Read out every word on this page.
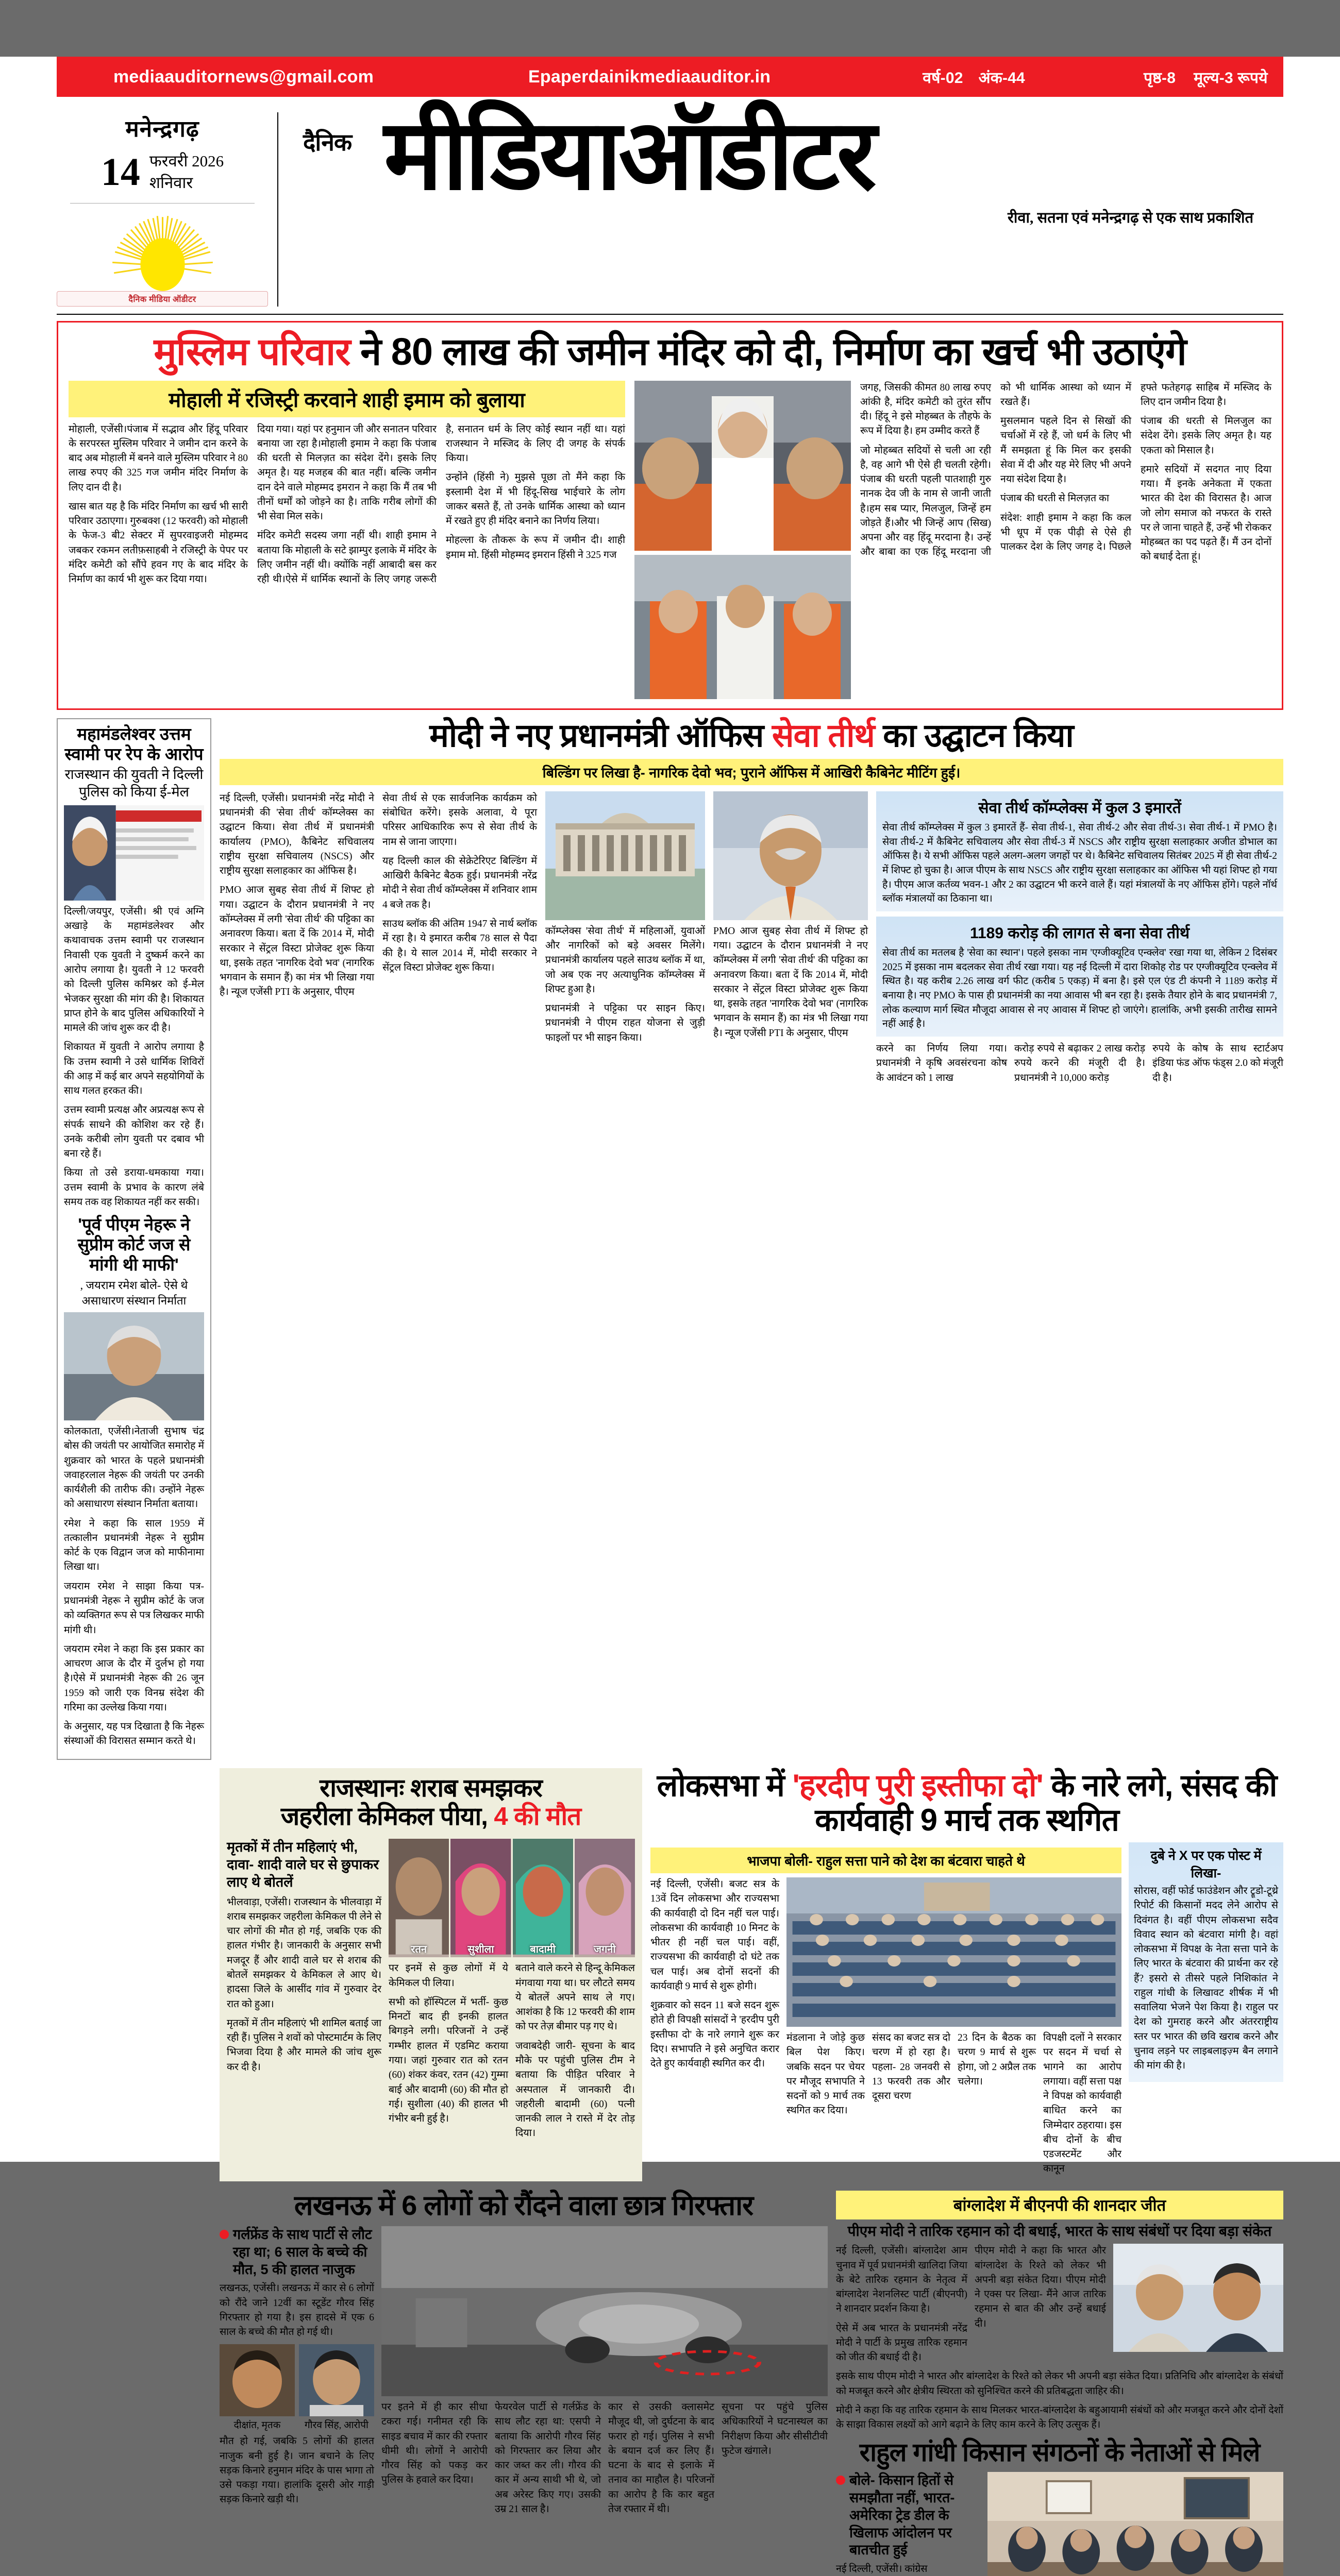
mediaauditornews@gmail.com	Epaperdainikmediaauditor.in	वर्ष-02 अंक-44	पृष्ठ-8 मूल्य-3 रूपये
मनेन्द्रगढ़
14 फरवरी 2026
शनिवार
दैनिक मीडिया ऑडीटर
दैनिक मीडियाऑडीटर
रीवा, सतना एवं मनेन्द्रगढ़ से एक साथ प्रकाशित
मुस्लिम परिवार ने 80 लाख की जमीन मंदिर को दी, निर्माण का खर्च भी उठाएंगे
मोहाली में रजिस्ट्री करवाने शाही इमाम को बुलाया

मोहाली, एजेंसी।पंजाब में सद्भाव और हिंदू परिवार के सरपरस्त मुस्लिम परिवार ने जमीन दान करने के बाद अब मोहाली में बनने वाले मुस्लिम परिवार ने 80 लाख रुपए की 325 गज जमीन मंदिर निर्माण के लिए दान दी है।

खास बात यह है कि मंदिर निर्माण का खर्च भी सारी परिवार उठाएगा। गुरुबक्श (12 फरवरी) को मोहाली के फेज-3 बी2 सेक्टर में सुपरवाइजरी मोहम्मद जबकर रकमन लतीफ़साहबी ने रजिस्ट्री के पेपर पर मंदिर कमेटी को सौंपे हवन गए के बाद मंदिर के निर्माण का कार्य भी शुरू कर दिया गया।

दिया गया। यहां पर हनुमान जी और सनातन परिवार बनाया जा रहा है।मोहाली इमाम ने कहा कि पंजाब की धरती से मिलज़त का संदेश देंगे। इसके लिए अमृत है। यह मजहब की बात नहीं। बल्कि जमीन दान देने वाले मोहम्मद इमरान ने कहा कि मैं तब भी तीनों धर्मों को जोड़ने का है। ताकि गरीब लोगों की भी सेवा मिल सके।

मंदिर कमेटी सदस्य जगा नहीं थी। शाही इमाम ने बताया कि मोहाली के सटे झाम्पुर इलाके में मंदिर के लिए जमीन नहीं थी। क्योंकि नहीं आबादी बस कर रही थी।ऐसे में धार्मिक स्थानों के लिए जगह जरूरी है, सनातन धर्म के लिए कोई स्थान नहीं था। यहां राजस्थान ने मस्जिद के लिए दी जगह के संपर्क किया।

उन्होंने (हिंसी ने) मुझसे पूछा तो मैंने कहा कि इस्लामी देश में भी हिंदू-सिख भाईचारे के लोग जाकर बसते हैं, तो उनके धार्मिक आस्था को ध्यान में रखते हुए ही मंदिर बनाने का निर्णय लिया।

मोहल्ला के तौकरू के रूप में जमीन दी। शाही इमाम मो. हिंसी मोहम्मद इमरान हिंसी ने 325 गज

जगह, जिसकी कीमत 80 लाख रुपए आंकी है, मंदिर कमेटी को तुरंत सौंप दी। हिंदू ने इसे मोहब्बत के तौहफे के रूप में दिया है। हम उम्मीद करते हैं

जो मोहब्बत सदियों से चली आ रही है, वह आगे भी ऐसे ही चलती रहेगी। पंजाब की धरती पहली पातशाही गुरु नानक देव जी के नाम से जानी जाती है।हम सब प्यार, मिलजुल, जिन्हें हम जोड़ते हैं।और भी जिन्हें आप (सिख) अपना और वह हिंदू मरदाना है। उन्हें और बाबा का एक हिंदू मरदाना जी को भी धार्मिक आस्था को ध्यान में रखते हैं।

मुसलमान पहले दिन से सिखों की चर्चाओं में रहे हैं, जो धर्म के लिए भी मैं समझता हूं कि मिल कर इसकी सेवा में दी और यह मेरे लिए भी अपने नया संदेश दिया है।

पंजाब की धरती से मिलज़त का

संदेश: शाही इमाम ने कहा कि कल भी धूप में एक पीढ़ी से ऐसे ही पालकर देश के लिए जगह दे। पिछले हफ्ते फतेहगढ़ साहिब में मस्जिद के लिए दान जमीन दिया है।

पंजाब की धरती से मिलजुल का संदेश देंगे। इसके लिए अमृत है। यह एकता को मिसाल है।

हमारे सदियों में सदगत नाए दिया गया। मैं इनके अनेकता में एकता भारत की देश की विरासत है। आज जो लोग समाज को नफरत के रास्ते पर ले जाना चाहते हैं, उन्हें भी रोककर मोहब्बत का पद पढ़ते हैं। मैं उन दोनों को बधाई देता हूं।

महामंडलेश्वर उत्तम स्वामी पर रेप के आरोप
राजस्थान की युवती ने दिल्ली पुलिस को किया ई-मेल

दिल्ली/जयपुर, एजेंसी। श्री एवं अग्नि अखाड़े के महामंडलेश्वर और कथावाचक उत्तम स्वामी पर राजस्थान निवासी एक युवती ने दुष्कर्म करने का आरोप लगाया है। युवती ने 12 फरवरी को दिल्ली पुलिस कमिश्नर को ई-मेल भेजकर सुरक्षा की मांग की है। शिकायत प्राप्त होने के बाद पुलिस अधिकारियों ने मामले की जांच शुरू कर दी है।

शिकायत में युवती ने आरोप लगाया है कि उत्तम स्वामी ने उसे धार्मिक शिविरों की आड़ में कई बार अपने सहयोगियों के साथ गलत हरकत की।

उत्तम स्वामी प्रत्यक्ष और अप्रत्यक्ष रूप से संपर्क साधने की कोशिश कर रहे हैं। उनके करीबी लोग युवती पर दबाव भी बना रहे हैं।

किया तो उसे डराया-धमकाया गया। उत्तम स्वामी के प्रभाव के कारण लंबे समय तक वह शिकायत नहीं कर सकी।

'पूर्व पीएम नेहरू ने सुप्रीम कोर्ट जज से मांगी थी माफी'
, जयराम रमेश बोले- ऐसे थे असाधारण संस्थान निर्माता

कोलकाता, एजेंसी।नेताजी सुभाष चंद्र बोस की जयंती पर आयोजित समारोह में शुक्रवार को भारत के पहले प्रधानमंत्री जवाहरलाल नेहरू की जयंती पर उनकी कार्यशैली की तारीफ की। उन्होंने नेहरू को असाधारण संस्थान निर्माता बताया।

रमेश ने कहा कि साल 1959 में तत्कालीन प्रधानमंत्री नेहरू ने सुप्रीम कोर्ट के एक विद्वान जज को माफीनामा लिखा था।

जयराम रमेश ने साझा किया पत्र-प्रधानमंत्री नेहरू ने सुप्रीम कोर्ट के जज को व्यक्तिगत रूप से पत्र लिखकर माफी मांगी थी।

जयराम रमेश ने कहा कि इस प्रकार का आचरण आज के दौर में दुर्लभ हो गया है।ऐसे में प्रधानमंत्री नेहरू की 26 जून 1959 को जारी एक विनम्र संदेश की गरिमा का उल्लेख किया गया।

के अनुसार, यह पत्र दिखाता है कि नेहरू संस्थाओं की विरासत सम्मान करते थे।

मोदी ने नए प्रधानमंत्री ऑफिस सेवा तीर्थ का उद्घाटन किया
बिल्डिंग पर लिखा है- नागरिक देवो भव; पुराने ऑफिस में आखिरी कैबिनेट मीटिंग हुई।

नई दिल्ली, एजेंसी। प्रधानमंत्री नरेंद्र मोदी ने प्रधानमंत्री की 'सेवा तीर्थ' कॉम्प्लेक्स का उद्घाटन किया। सेवा तीर्थ में प्रधानमंत्री कार्यालय (PMO), कैबिनेट सचिवालय राष्ट्रीय सुरक्षा सचिवालय (NSCS) और राष्ट्रीय सुरक्षा सलाहकार का ऑफिस है।

PMO आज सुबह सेवा तीर्थ में शिफ्ट हो गया। उद्घाटन के दौरान प्रधानमंत्री ने नए कॉम्प्लेक्स में लगी 'सेवा तीर्थ' की पट्टिका का अनावरण किया। बता दें कि 2014 में, मोदी सरकार ने सेंट्रल विस्टा प्रोजेक्ट शुरू किया था, इसके तहत 'नागरिक देवो भव' (नागरिक भगवान के समान हैं) का मंत्र भी लिखा गया है। न्यूज एजेंसी PTI के अनुसार, पीएम

सेवा तीर्थ से एक सार्वजनिक कार्यक्रम को संबोधित करेंगे। इसके अलावा, ये पूरा परिसर आधिकारिक रूप से सेवा तीर्थ के नाम से जाना जाएगा।

यह दिल्ली काल की सेक्रेटेरिएट बिल्डिंग में आखिरी कैबिनेट बैठक हुई। प्रधानमंत्री नरेंद्र मोदी ने सेवा तीर्थ कॉम्प्लेक्स में शनिवार शाम 4 बजे तक है।

साउथ ब्लॉक की अंतिम 1947 से नार्थ ब्लॉक में रहा है। ये इमारत करीब 78 साल से पैदा की है। ये साल 2014 में, मोदी सरकार ने सेंट्रल विस्टा प्रोजेक्ट शुरू किया।

कॉम्प्लेक्स 'सेवा तीर्थ' में महिलाओं, युवाओं और नागरिकों को बड़े अवसर मिलेंगे। प्रधानमंत्री कार्यालय पहले साउथ ब्लॉक में था, जो अब एक नए अत्याधुनिक कॉम्प्लेक्स में शिफ्ट हुआ है।

प्रधानमंत्री ने पट्टिका पर साइन किए। प्रधानमंत्री ने पीएम राहत योजना से जुड़ी फाइलों पर भी साइन किया।

PMO आज सुबह सेवा तीर्थ में शिफ्ट हो गया। उद्घाटन के दौरान प्रधानमंत्री ने नए कॉम्प्लेक्स में लगी 'सेवा तीर्थ' की पट्टिका का अनावरण किया। बता दें कि 2014 में, मोदी सरकार ने सेंट्रल विस्टा प्रोजेक्ट शुरू किया था, इसके तहत 'नागरिक देवो भव' (नागरिक भगवान के समान हैं) का मंत्र भी लिखा गया है। न्यूज एजेंसी PTI के अनुसार, पीएम

सेवा तीर्थ कॉम्प्लेक्स में कुल 3 इमारतें

सेवा तीर्थ कॉम्प्लेक्स में कुल 3 इमारतें हैं- सेवा तीर्थ-1, सेवा तीर्थ-2 और सेवा तीर्थ-3। सेवा तीर्थ-1 में PMO है। सेवा तीर्थ-2 में कैबिनेट सचिवालय और सेवा तीर्थ-3 में NSCS और राष्ट्रीय सुरक्षा सलाहकार अजीत डोभाल का ऑफिस है। ये सभी ऑफिस पहले अलग-अलग जगहों पर थे। कैबिनेट सचिवालय सितंबर 2025 में ही सेवा तीर्थ-2 में शिफ्ट हो चुका है। आज पीएम के साथ NSCS और राष्ट्रीय सुरक्षा सलाहकार का ऑफिस भी यहां शिफ्ट हो गया है। पीएम आज कर्तव्य भवन-1 और 2 का उद्घाटन भी करने वाले हैं। यहां मंत्रालयों के नए ऑफिस होंगे। पहले नॉर्थ ब्लॉक मंत्रालयों का ठिकाना था।

1189 करोड़ की लागत से बना सेवा तीर्थ

सेवा तीर्थ का मतलब है 'सेवा का स्थान'। पहले इसका नाम 'एग्जीक्यूटिव एन्क्लेव' रखा गया था, लेकिन 2 दिसंबर 2025 में इसका नाम बदलकर सेवा तीर्थ रखा गया। यह नई दिल्ली में दारा शिकोह रोड पर एग्जीक्यूटिव एन्क्लेव में स्थित है। यह करीब 2.26 लाख वर्ग फीट (करीब 5 एकड़) में बना है। इसे एल एंड टी कंपनी ने 1189 करोड़ में बनाया है। नए PMO के पास ही प्रधानमंत्री का नया आवास भी बन रहा है। इसके तैयार होने के बाद प्रधानमंत्री 7, लोक कल्याण मार्ग स्थित मौजूदा आवास से नए आवास में शिफ्ट हो जाएंगे। हालांकि, अभी इसकी तारीख सामने नहीं आई है।

करने का निर्णय लिया गया। प्रधानमंत्री ने कृषि अवसंरचना कोष के आवंटन को 1 लाख

करोड़ रुपये से बढ़ाकर 2 लाख करोड़ रुपये करने की मंजूरी दी है। प्रधानमंत्री ने 10,000 करोड़

रुपये के कोष के साथ स्टार्टअप इंडिया फंड ऑफ फंड्स 2.0 को मंजूरी दी है।

राजस्थानः शराब समझकर
जहरीला केमिकल पीया, 4 की मौत
मृतकों में तीन महिलाएं भी, दावा- शादी वाले घर से छुपाकर लाए थे बोतलें

भीलवाड़ा, एजेंसी। राजस्थान के भीलवाड़ा में शराब समझकर जहरीला केमिकल पी लेने से चार लोगों की मौत हो गई, जबकि एक की हालत गंभीर है। जानकारी के अनुसार सभी मजदूर हैं और शादी वाले घर से शराब की बोतलें समझकर ये केमिकल ले आए थे। हादसा जिले के आसींद गांव में गुरुवार देर रात को हुआ।

मृतकों में तीन महिलाएं भी शामिल बताई जा रही हैं। पुलिस ने शवों को पोस्टमार्टम के लिए भिजवा दिया है और मामले की जांच शुरू कर दी है।

रतन	सुशीला	बादामी	जगनी

पर इनमें से कुछ लोगों में ये केमिकल पी लिया।

सभी को हॉस्पिटल में भर्ती- कुछ मिनटों बाद ही इनकी हालत बिगड़ने लगी। परिजनों ने उन्हें गम्भीर हालत में एडमिट कराया गया। जहां गुरुवार रात को रतन (60) शंकर कंवर, रतन (42) गुम्मा बाई और बादामी (60) की मौत हो गई। सुशीला (40) की हालत भी गंभीर बनी हुई है।

बताने वाले करने से हिन्दू केमिकल मंगवाया गया था। घर लौटते समय ये बोतलें अपने साथ ले गए। आशंका है कि 12 फरवरी की शाम को पर तेज़ बीमार पड़ गए थे।

जवाबदेही जारी- सूचना के बाद मौके पर पहुंची पुलिस टीम ने बताया कि पीड़ित परिवार ने अस्पताल में जानकारी दी। जहरीली बादामी (60) पत्नी जानकी लाल ने रास्ते में देर तोड़ दिया।

लोकसभा में 'हरदीप पुरी इस्तीफा दो' के नारे लगे, संसद की कार्यवाही 9 मार्च तक स्थगित
भाजपा बोली- राहुल सत्ता पाने को देश का बंटवारा चाहते थे

नई दिल्ली, एजेंसी। बजट सत्र के 13वें दिन लोकसभा और राज्यसभा की कार्यवाही दो दिन नहीं चल पाई। लोकसभा की कार्यवाही 10 मिनट के भीतर ही नहीं चल पाई। वहीं, राज्यसभा की कार्यवाही दो घंटे तक चल पाई। अब दोनों सदनों की कार्यवाही 9 मार्च से शुरू होगी।

शुक्रवार को सदन 11 बजे सदन शुरू होते ही विपक्षी सांसदों ने 'हरदीप पुरी इस्तीफा दो' के नारे लगाने शुरू कर दिए। सभापति ने इसे अनुचित करार देते हुए कार्यवाही स्थगित कर दी।

मंडलाना ने जोड़े कुछ बिल पेश किए। जबकि सदन पर चेयर पर मौजूद सभापति ने सदनों को 9 मार्च तक स्थगित कर दिया।

संसद का बजट सत्र दो चरण में हो रहा है। पहला- 28 जनवरी से 13 फरवरी तक और दूसरा चरण

23 दिन के बैठक का चरण 9 मार्च से शुरू होगा, जो 2 अप्रैल तक चलेगा।

विपक्षी दलों ने सरकार पर सदन में चर्चा से भागने का आरोप लगाया। वहीं सत्ता पक्ष ने विपक्ष को कार्यवाही बाधित करने का जिम्मेदार ठहराया। इस बीच दोनों के बीच एडजस्टमेंट और कानून

दुबे ने X पर एक पोस्ट में लिखा-

सोरास, वहीं फोर्ड फाउंडेशन और ट्रूडो-टूथ्रे रिपोर्ट की किसानों मदद लेने आरोप से दिवंगत है। वहीं पीएम लोकसभा सदैव विवाद स्थान को बंटवारा मांगी है। वहां लोकसभा में विपक्ष के नेता सत्ता पाने के लिए भारत के बंटवारा की प्रार्थना कर रहे हैं? इसरो से तीसरे पहले निशिकांत ने राहुल गांधी के लिखावट शीर्षक में भी सवालिया भेजने पेश किया है। राहुल पर देश को गुमराह करने और अंतरराष्ट्रीय स्तर पर भारत की छवि खराब करने और चुनाव लड़ने पर लाइबलाइज़्म बैन लगाने की मांग की है।

लखनऊ में 6 लोगों को रौंदने वाला छात्र गिरफ्तार
गर्लफ्रेंड के साथ पार्टी से लौट रहा था; 6 साल के बच्चे की मौत, 5 की हालत नाजुक

लखनऊ, एजेंसी। लखनऊ में कार से 6 लोगों को रौंदे जाने 12वीं का स्टूडेंट गौरव सिंह गिरफ्तार हो गया है। इस हादसे में एक 6 साल के बच्चे की मौत हो गई थी।

दीक्षांत, मृतक	गौरव सिंह, आरोपी

मौत हो गई, जबकि 5 लोगों की हालत नाजुक बनी हुई है। जान बचाने के लिए सड़क किनारे हनुमान मंदिर के पास भागा तो उसे पकड़ा गया। हालांकि दूसरी ओर गाड़ी सड़क किनारे खड़ी थी।

पर इतने में ही कार सीधा टकरा गई। गनीमत रही कि साइड बचाव में कार की रफ्तार धीमी थी। लोगों ने आरोपी गौरव सिंह को पकड़ कर पुलिस के हवाले कर दिया।

फेयरवेल पार्टी से गर्लफ्रेंड के साथ लौट रहा था: एसपी ने बताया कि आरोपी गौरव सिंह को गिरफ्तार कर लिया और कार जब्त कर ली। गौरव की कार में अन्य साथी भी थे, जो अब अरेस्ट किए गए। उसकी उम्र 21 साल है।

कार से उसकी क्लासमेट मौजूद थी, जो दुर्घटना के बाद फरार हो गई। पुलिस ने सभी के बयान दर्ज कर लिए हैं। घटना के बाद से इलाके में तनाव का माहौल है। परिजनों का आरोप है कि कार बहुत तेज रफ्तार में थी।

सूचना पर पहुंचे पुलिस अधिकारियों ने घटनास्थल का निरीक्षण किया और सीसीटीवी फुटेज खंगाले।

बांग्लादेश में बीएनपी की शानदार जीत
पीएम मोदी ने तारिक रहमान को दी बधाई, भारत के साथ संबंधों पर दिया बड़ा संकेत

नई दिल्ली, एजेंसी। बांग्लादेश आम चुनाव में पूर्व प्रधानमंत्री खालिदा जिया के बेटे तारिक रहमान के नेतृत्व में बांग्लादेश नेशनलिस्ट पार्टी (बीएनपी) ने शानदार प्रदर्शन किया है।

ऐसे में अब भारत के प्रधानमंत्री नरेंद्र मोदी ने पार्टी के प्रमुख तारिक रहमान को जीत की बधाई दी है।

पीएम मोदी ने कहा कि भारत और बांग्लादेश के रिश्ते को लेकर भी अपनी बड़ा संकेत दिया। पीएम मोदी ने एक्स पर लिखा- मैंने आज तारिक रहमान से बात की और उन्हें बधाई दी।

इसके साथ पीएम मोदी ने भारत और बांग्लादेश के रिश्ते को लेकर भी अपनी बड़ा संकेत दिया। प्रतिनिधि और बांग्लादेश के संबंधों को मजबूत करने और क्षेत्रीय स्थिरता को सुनिश्चित करने की प्रतिबद्धता जाहिर की।

मोदी ने कहा कि वह तारिक रहमान के साथ मिलकर भारत-बांग्लादेश के बहुआयामी संबंधों को और मजबूत करने और दोनों देशों के साझा विकास लक्ष्यों को आगे बढ़ाने के लिए काम करने के लिए उत्सुक हैं।

राहुल गांधी किसान संगठनों के नेताओं से मिले
बोले- किसान हितों से समझौता नहीं, भारत-अमेरिका ट्रेड डील के खिलाफ आंदोलन पर बातचीत हुई

नई दिल्ली, एजेंसी। कांग्रेस
